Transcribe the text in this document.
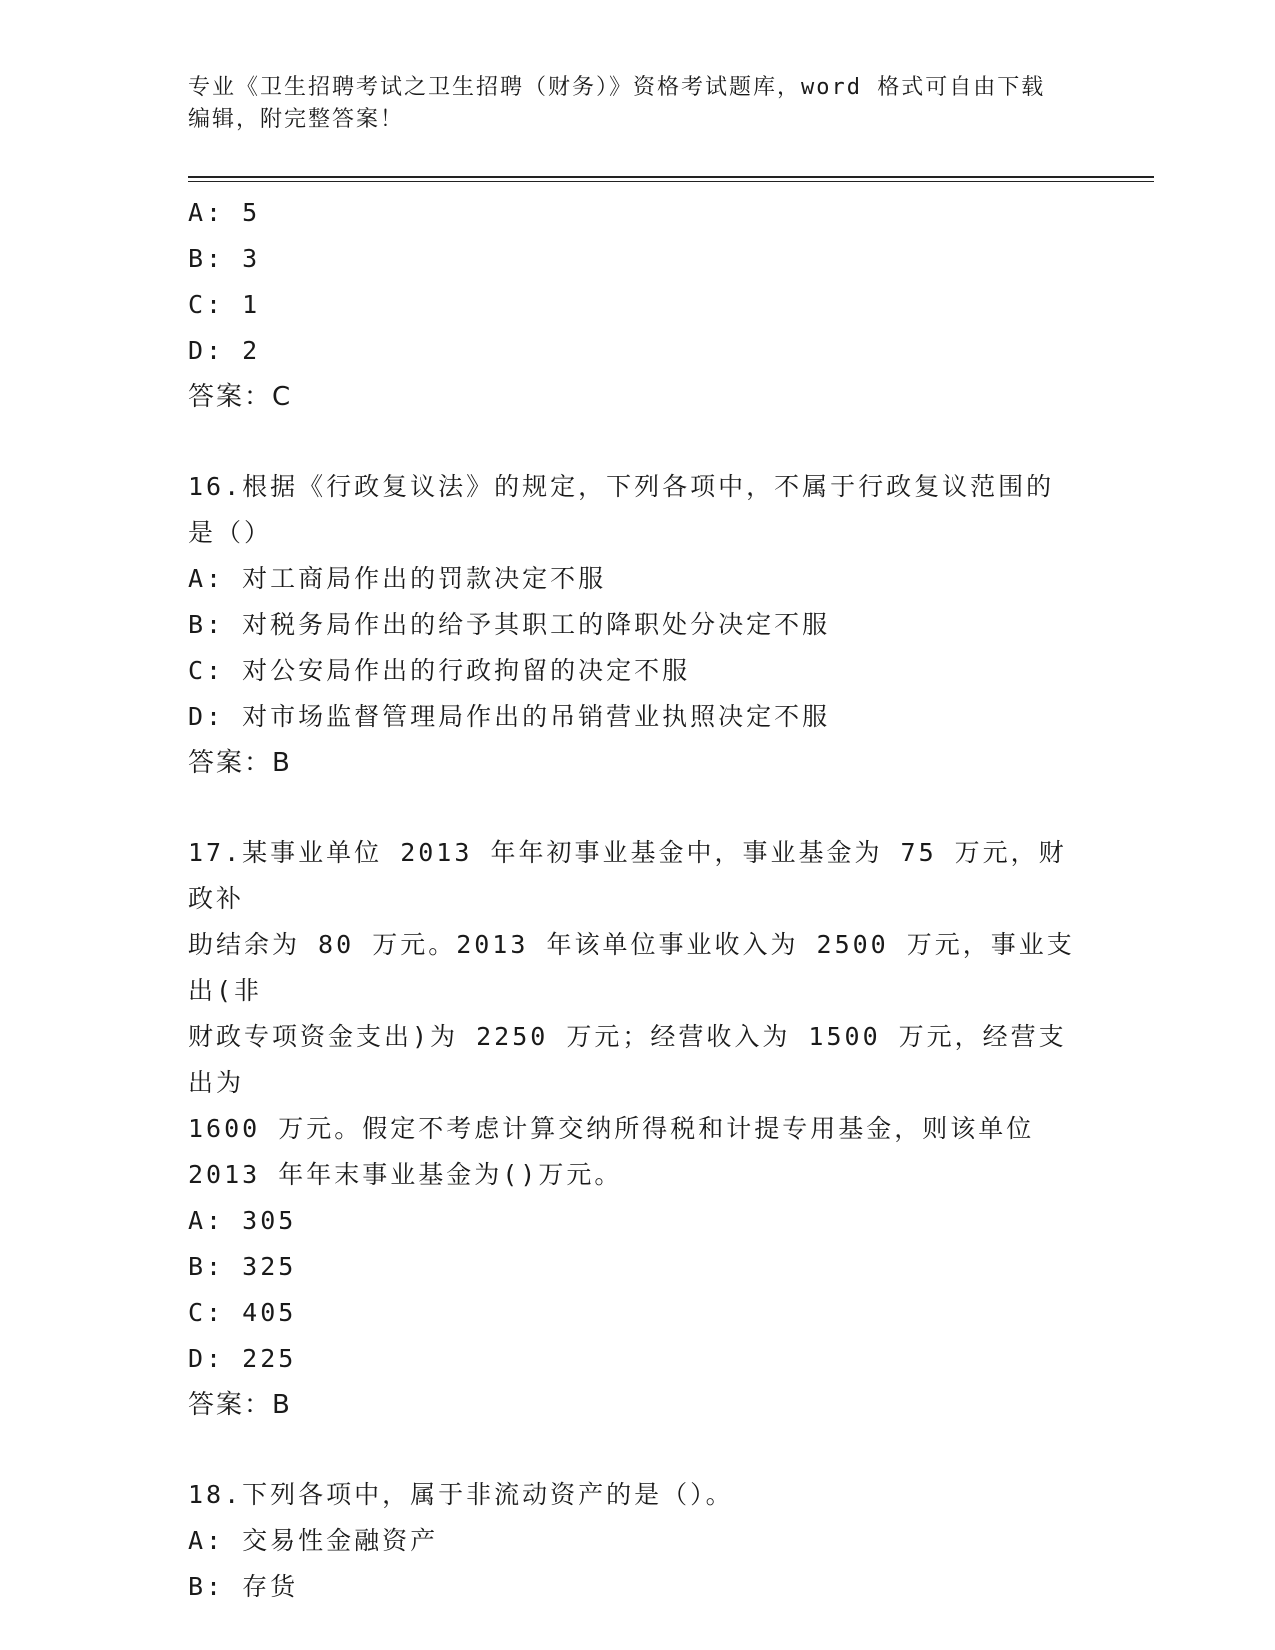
专业《卫生招聘考试之卫生招聘（财务）》资格考试题库，word 格式可自由下载
编辑，附完整答案！
A: 5
B: 3
C: 1
D: 2
答案：C
16.根据《行政复议法》的规定，下列各项中，不属于行政复议范围的
是（）
A: 对工商局作出的罚款决定不服
B: 对税务局作出的给予其职工的降职处分决定不服
C: 对公安局作出的行政拘留的决定不服
D: 对市场监督管理局作出的吊销营业执照决定不服
答案：B
17.某事业单位 2013 年年初事业基金中，事业基金为 75 万元，财政补
助结余为 80 万元。2013 年该单位事业收入为 2500 万元，事业支出(非
财政专项资金支出)为 2250 万元；经营收入为 1500 万元，经营支出为
1600 万元。假定不考虑计算交纳所得税和计提专用基金，则该单位
2013 年年末事业基金为()万元。
A: 305
B: 325
C: 405
D: 225
答案：B
18.下列各项中，属于非流动资产的是（）。
A: 交易性金融资产
B: 存货
